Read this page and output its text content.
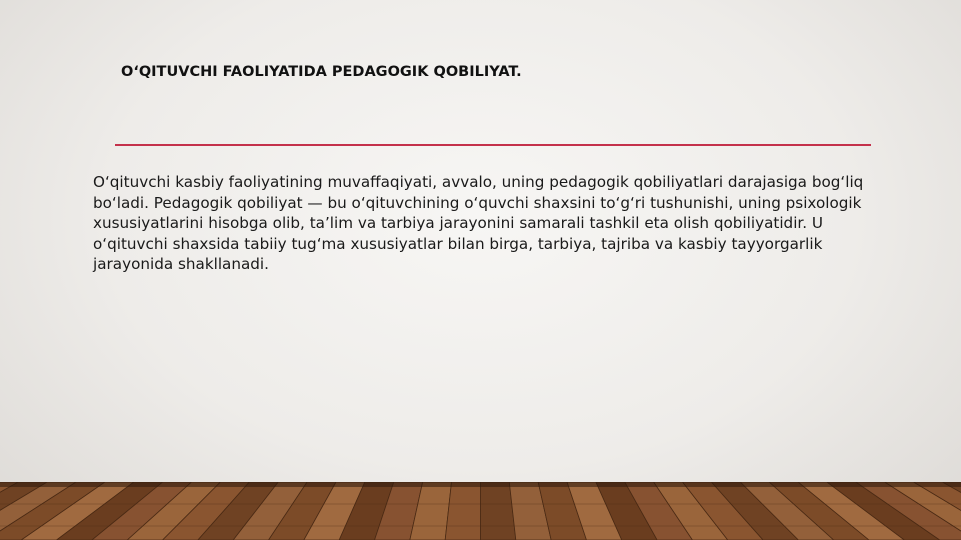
O‘QITUVCHI FAOLIYATIDA PEDAGOGIK QOBILIYAT.
O‘qituvchi kasbiy faoliyatining muvaffaqiyati, avvalo, uning pedagogik qobiliyatlari darajasiga bog‘liq bo‘ladi. Pedagogik qobiliyat — bu o‘qituvchining o‘quvchi shaxsini to‘g‘ri tushunishi, uning psixologik xususiyatlarini hisobga olib, ta’lim va tarbiya jarayonini samarali tashkil eta olish qobiliyatidir. U o‘qituvchi shaxsida tabiiy tug‘ma xususiyatlar bilan birga, tarbiya, tajriba va kasbiy tayyorgarlik jarayonida shakllanadi.
